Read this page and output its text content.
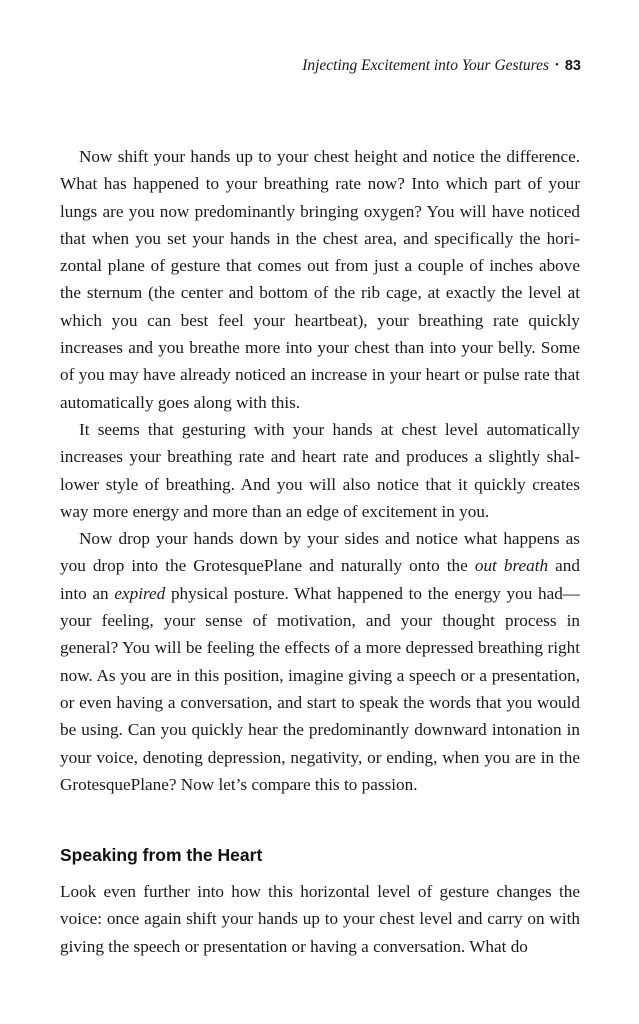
Injecting Excitement into Your Gestures • 83

Now shift your hands up to your chest height and notice the difference. What has happened to your breathing rate now? Into which part of your lungs are you now predominantly bringing oxygen? You will have noticed that when you set your hands in the chest area, and specifically the horizontal plane of gesture that comes out from just a couple of inches above the sternum (the center and bottom of the rib cage, at exactly the level at which you can best feel your heartbeat), your breathing rate quickly increases and you breathe more into your chest than into your belly. Some of you may have already noticed an increase in your heart or pulse rate that automatically goes along with this.

It seems that gesturing with your hands at chest level automatically increases your breathing rate and heart rate and produces a slightly shallower style of breathing. And you will also notice that it quickly creates way more energy and more than an edge of excitement in you.

Now drop your hands down by your sides and notice what happens as you drop into the GrotesquePlane and naturally onto the out breath and into an expired physical posture. What happened to the energy you had—your feeling, your sense of motivation, and your thought process in general? You will be feeling the effects of a more depressed breathing right now. As you are in this position, imagine giving a speech or a presentation, or even having a conversation, and start to speak the words that you would be using. Can you quickly hear the predominantly downward intonation in your voice, denoting depression, negativity, or ending, when you are in the GrotesquePlane? Now let’s compare this to passion.

Speaking from the Heart

Look even further into how this horizontal level of gesture changes the voice: once again shift your hands up to your chest level and carry on with giving the speech or presentation or having a conversation. What do
